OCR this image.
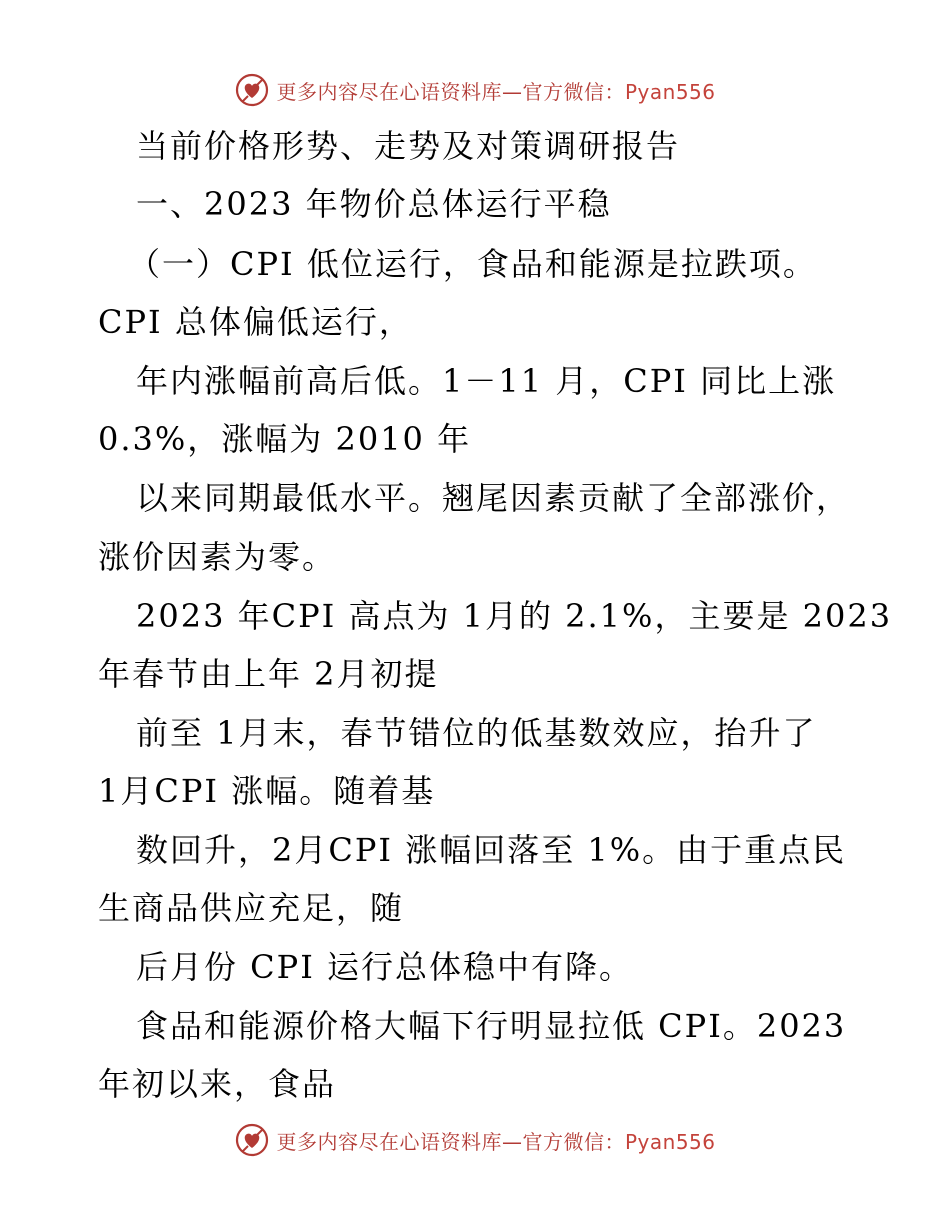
更多内容尽在心语资料库—官方微信：Pyan556
当前价格形势、走势及对策调研报告
一、2023 年物价总体运行平稳
（一）CPI 低位运行，食品和能源是拉跌项。
CPI 总体偏低运行，
年内涨幅前高后低。1－11 月，CPI 同比上涨
0.3%，涨幅为 2010 年
以来同期最低水平。翘尾因素贡献了全部涨价，
涨价因素为零。
2023 年CPI 高点为 1月的 2.1%，主要是 2023
年春节由上年 2月初提
前至 1月末，春节错位的低基数效应，抬升了
1月CPI 涨幅。随着基
数回升，2月CPI 涨幅回落至 1%。由于重点民
生商品供应充足，随
后月份 CPI 运行总体稳中有降。
食品和能源价格大幅下行明显拉低 CPI。2023
年初以来，食品
更多内容尽在心语资料库—官方微信：Pyan556
